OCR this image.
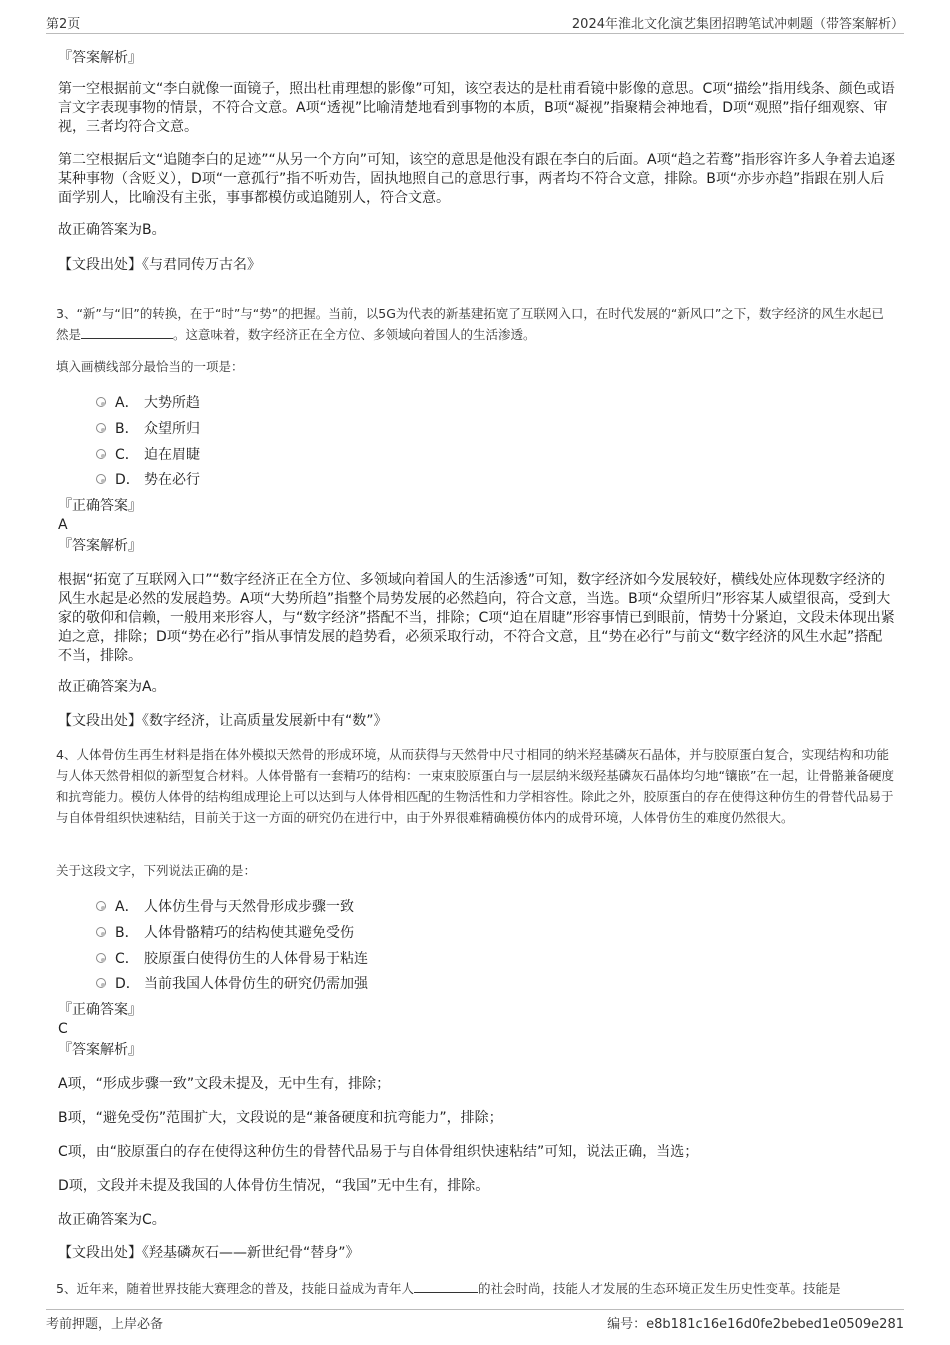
第2页	2024年淮北文化演艺集团招聘笔试冲刺题（带答案解析）

『答案解析』

第一空根据前文“李白就像一面镜子，照出杜甫理想的影像”可知，该空表达的是杜甫看镜中影像的意思。C项“描绘”指用线条、颜色或语言文字表现事物的情景，不符合文意。A项“透视”比喻清楚地看到事物的本质，B项“凝视”指聚精会神地看，D项“观照”指仔细观察、审视，三者均符合文意。

第二空根据后文“追随李白的足迹”“从另一个方向”可知，该空的意思是他没有跟在李白的后面。A项“趋之若鹜”指形容许多人争着去追逐某种事物（含贬义），D项“一意孤行”指不听劝告，固执地照自己的意思行事，两者均不符合文意，排除。B项“亦步亦趋”指跟在别人后面学别人，比喻没有主张，事事都模仿或追随别人，符合文意。

故正确答案为B。

【文段出处】《与君同传万古名》

3、“新”与“旧”的转换，在于“时”与“势”的把握。当前，以5G为代表的新基建拓宽了互联网入口，在时代发展的“新风口”之下，数字经济的风生水起已然是	。这意味着，数字经济正在全方位、多领域向着国人的生活渗透。

填入画横线部分最恰当的一项是：

A． 大势所趋
B． 众望所归
C． 迫在眉睫
D． 势在必行

『正确答案』

A

『答案解析』

根据“拓宽了互联网入口”“数字经济正在全方位、多领域向着国人的生活渗透”可知，数字经济如今发展较好，横线处应体现数字经济的风生水起是必然的发展趋势。A项“大势所趋”指整个局势发展的必然趋向，符合文意，当选。B项“众望所归”形容某人威望很高，受到大家的敬仰和信赖，一般用来形容人，与“数字经济”搭配不当，排除；C项“迫在眉睫”形容事情已到眼前，情势十分紧迫，文段未体现出紧迫之意，排除；D项“势在必行”指从事情发展的趋势看，必须采取行动，不符合文意，且“势在必行”与前文“数字经济的风生水起”搭配不当，排除。

故正确答案为A。

【文段出处】《数字经济，让高质量发展新中有“数”》

4、人体骨仿生再生材料是指在体外模拟天然骨的形成环境，从而获得与天然骨中尺寸相同的纳米羟基磷灰石晶体，并与胶原蛋白复合，实现结构和功能与人体天然骨相似的新型复合材料。人体骨骼有一套精巧的结构：一束束胶原蛋白与一层层纳米级羟基磷灰石晶体均匀地“镶嵌”在一起，让骨骼兼备硬度和抗弯能力。模仿人体骨的结构组成理论上可以达到与人体骨相匹配的生物活性和力学相容性。除此之外，胶原蛋白的存在使得这种仿生的骨替代品易于与自体骨组织快速粘结，目前关于这一方面的研究仍在进行中，由于外界很难精确模仿体内的成骨环境，人体骨仿生的难度仍然很大。

关于这段文字，下列说法正确的是：

A． 人体仿生骨与天然骨形成步骤一致
B． 人体骨骼精巧的结构使其避免受伤
C． 胶原蛋白使得仿生的人体骨易于粘连
D． 当前我国人体骨仿生的研究仍需加强

『正确答案』

C

『答案解析』

A项，“形成步骤一致”文段未提及，无中生有，排除；

B项，“避免受伤”范围扩大，文段说的是“兼备硬度和抗弯能力”，排除；

C项，由“胶原蛋白的存在使得这种仿生的骨替代品易于与自体骨组织快速粘结”可知，说法正确，当选；

D项，文段并未提及我国的人体骨仿生情况，“我国”无中生有，排除。

故正确答案为C。

【文段出处】《羟基磷灰石——新世纪骨“替身”》

5、近年来，随着世界技能大赛理念的普及，技能日益成为青年人	的社会时尚，技能人才发展的生态环境正发生历史性变革。技能是

考前押题，上岸必备	编号：e8b181c16e16d0fe2bebed1e0509e281
